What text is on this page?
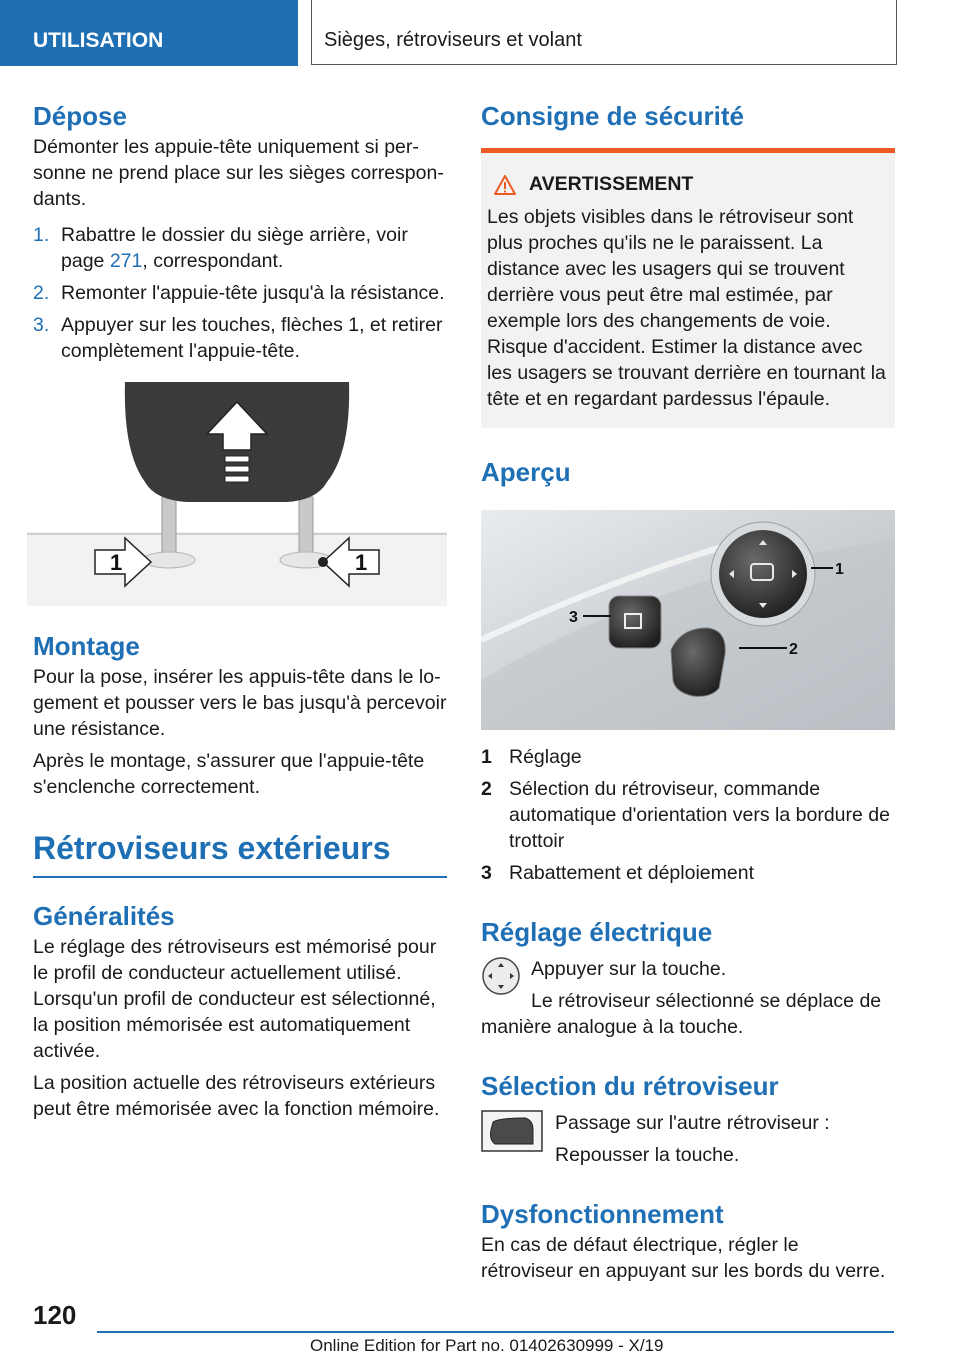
UTILISATION	Sièges, rétroviseurs et volant
Dépose

Démonter les appuie-tête uniquement si personne ne prend place sur les sièges correspondants.

1. Rabattre le dossier du siège arrière, voir page 271, correspondant.
2. Remonter l'appuie-tête jusqu'à la résistance.
3. Appuyer sur les touches, flèches 1, et retirer complètement l'appuie-tête.
1	1
Montage

Pour la pose, insérer les appuis-tête dans le logement et pousser vers le bas jusqu'à percevoir une résistance.

Après le montage, s'assurer que l'appuie-tête s'enclenche correctement.

Rétroviseurs extérieurs
Généralités

Le réglage des rétroviseurs est mémorisé pour le profil de conducteur actuellement utilisé. Lorsqu'un profil de conducteur est sélectionné, la position mémorisée est automatiquement activée.

La position actuelle des rétroviseurs extérieurs peut être mémorisée avec la fonction mémoire.

Consigne de sécurité
AVERTISSEMENT

Les objets visibles dans le rétroviseur sont plus proches qu'ils ne le paraissent. La distance avec les usagers qui se trouvent derrière vous peut être mal estimée, par exemple lors des changements de voie. Risque d'accident. Estimer la distance avec les usagers se trouvant derrière en tournant la tête et en regardant pardessus l'épaule.

Aperçu
1
2
3
1 Réglage
2 Sélection du rétroviseur, commande automatique d'orientation vers la bordure de trottoir
3 Rabattement et déploiement
Réglage électrique

Appuyer sur la touche.

Le rétroviseur sélectionné se déplace de manière analogue à la touche.

Sélection du rétroviseur

Passage sur l'autre rétroviseur :

Repousser la touche.

Dysfonctionnement

En cas de défaut électrique, régler le rétroviseur en appuyant sur les bords du verre.

120
Online Edition for Part no. 01402630999 - X/19
